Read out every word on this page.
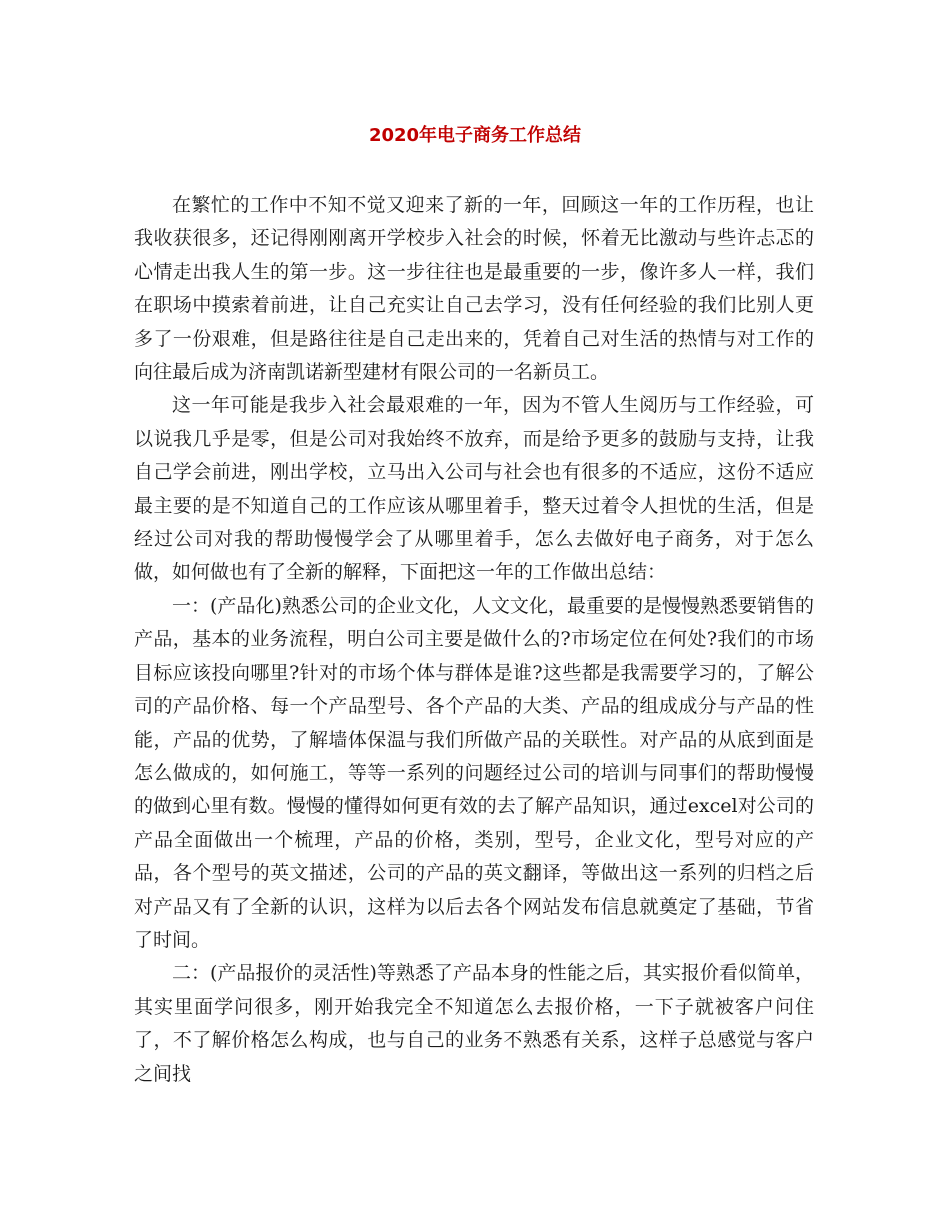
2020年电子商务工作总结

在繁忙的工作中不知不觉又迎来了新的一年，回顾这一年的工作历程，也让我收获很多，还记得刚刚离开学校步入社会的时候，怀着无比激动与些许忐忑的心情走出我人生的第一步。这一步往往也是最重要的一步，像许多人一样，我们在职场中摸索着前进，让自己充实让自己去学习，没有任何经验的我们比别人更多了一份艰难，但是路往往是自己走出来的，凭着自己对生活的热情与对工作的向往最后成为济南凯诺新型建材有限公司的一名新员工。

这一年可能是我步入社会最艰难的一年，因为不管人生阅历与工作经验，可以说我几乎是零，但是公司对我始终不放弃，而是给予更多的鼓励与支持，让我自己学会前进，刚出学校，立马出入公司与社会也有很多的不适应，这份不适应最主要的是不知道自己的工作应该从哪里着手，整天过着令人担忧的生活，但是经过公司对我的帮助慢慢学会了从哪里着手，怎么去做好电子商务，对于怎么做，如何做也有了全新的解释，下面把这一年的工作做出总结：

一：(产品化)熟悉公司的企业文化，人文文化，最重要的是慢慢熟悉要销售的产品，基本的业务流程，明白公司主要是做什么的?市场定位在何处?我们的市场目标应该投向哪里?针对的市场个体与群体是谁?这些都是我需要学习的，了解公司的产品价格、每一个产品型号、各个产品的大类、产品的组成成分与产品的性能，产品的优势，了解墙体保温与我们所做产品的关联性。对产品的从底到面是怎么做成的，如何施工，等等一系列的问题经过公司的培训与同事们的帮助慢慢的做到心里有数。慢慢的懂得如何更有效的去了解产品知识，通过excel对公司的产品全面做出一个梳理，产品的价格，类别，型号，企业文化，型号对应的产品，各个型号的英文描述，公司的产品的英文翻译，等做出这一系列的归档之后对产品又有了全新的认识，这样为以后去各个网站发布信息就奠定了基础，节省了时间。

二：(产品报价的灵活性)等熟悉了产品本身的性能之后，其实报价看似简单，其实里面学问很多，刚开始我完全不知道怎么去报价格，一下子就被客户问住了，不了解价格怎么构成，也与自己的业务不熟悉有关系，这样子总感觉与客户之间找
